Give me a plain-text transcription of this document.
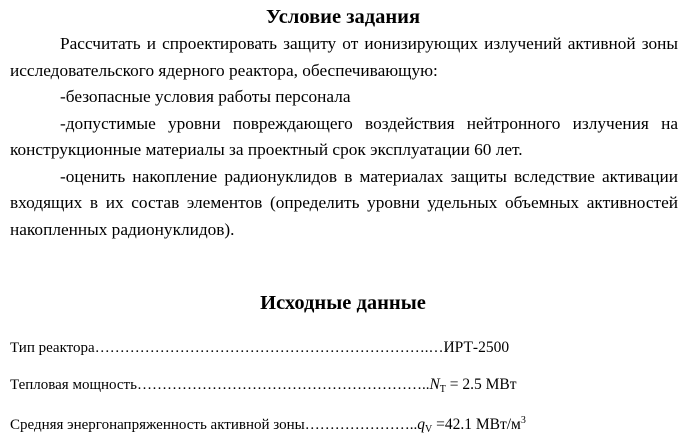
Условие задания

Рассчитать и спроектировать защиту от ионизирующих излучений активной зоны исследовательского ядерного реактора, обеспечивающую:

-безопасные условия работы персонала

-допустимые уровни повреждающего воздействия нейтронного излучения на конструкционные материалы за проектный срок эксплуатации 60 лет.

-оценить накопление радионуклидов в материалах защиты вследствие активации входящих в их состав элементов (определить уровни удельных объемных активностей накопленных радионуклидов).

Исходные данные
Тип реактора………………………………………………………….…ИРТ-2500
Тепловая $мощность\dots\dots\dots\dots\dots\dots\dots\dots\dots\dots\dots\dots\dots\dots\dots\dots\dots\dots\dots..N_T = 2.5$ МВт
Средняя энергонапряженность активной $зоны\dots\dots\dots\dots\dots\dots\dots..q_V =42.1$ МВт/$м^3$
